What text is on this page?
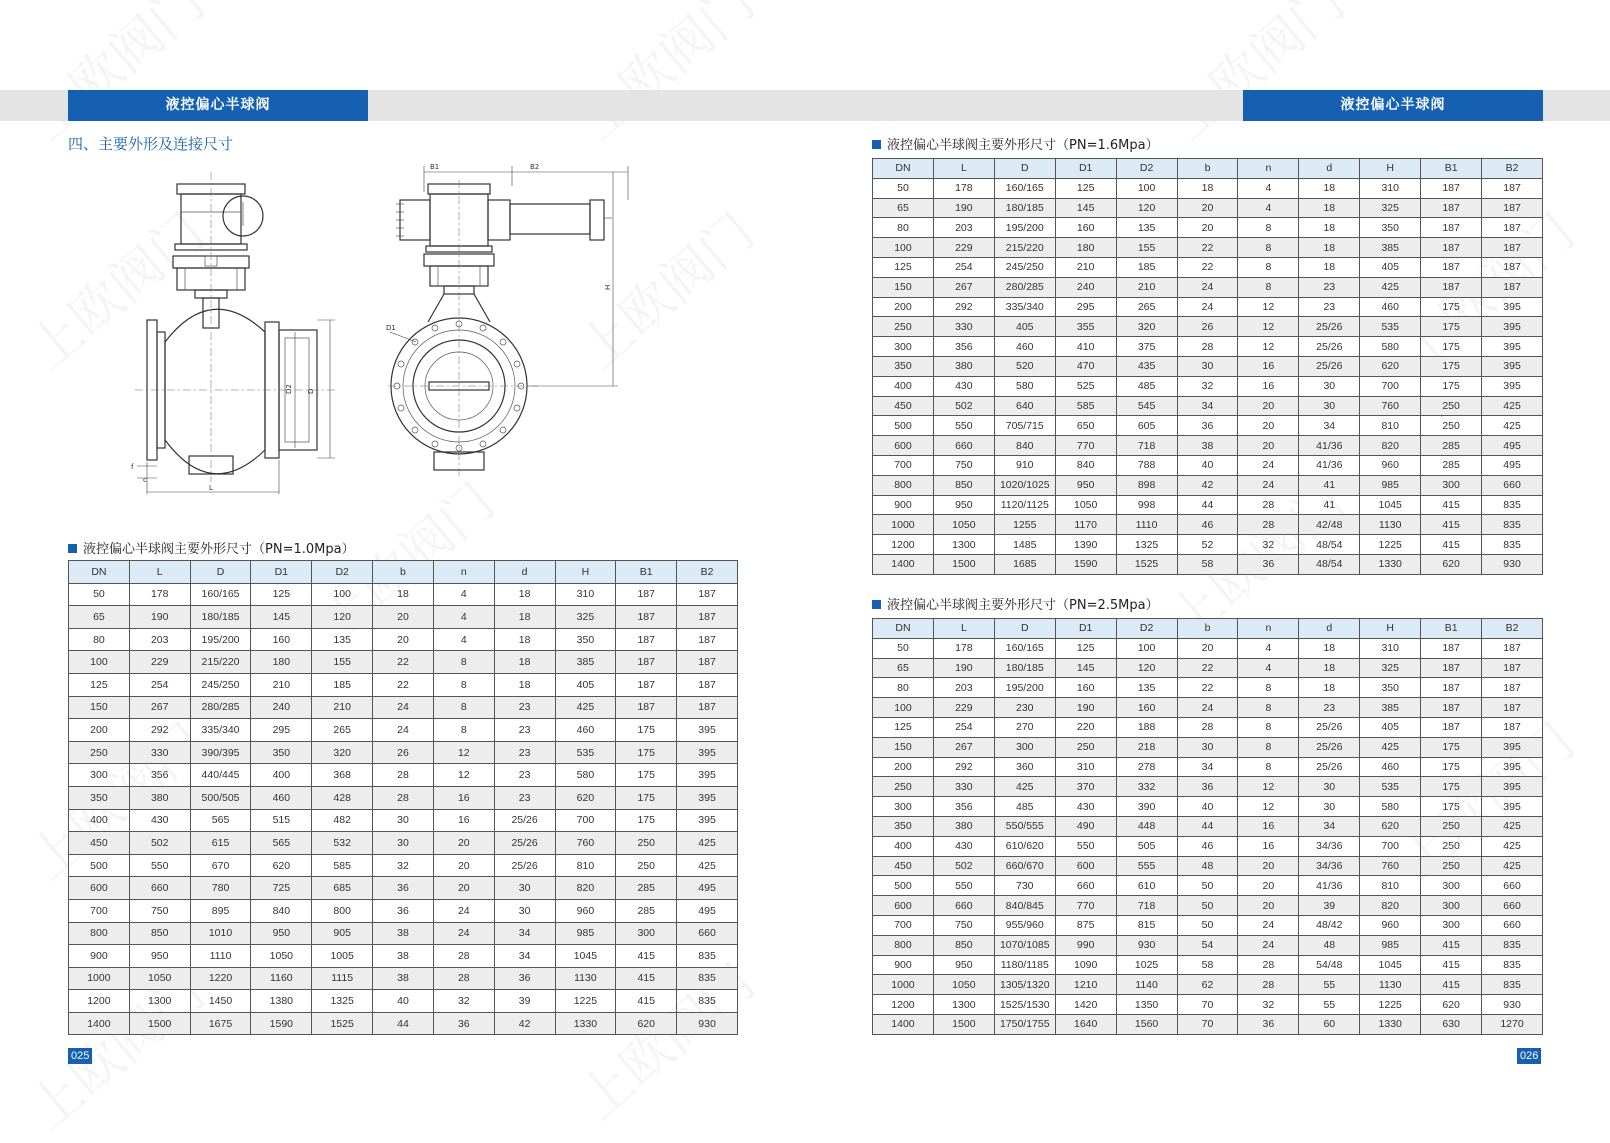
液控偏心半球阀	液控偏心半球阀
四、主要外形及连接尺寸
D2 D
f
c
L
B1	B2
H
D1
液控偏心半球阀主要外形尺寸（PN=1.0Mpa）
DN	L	D	D1	D2	b	n	d	H	B1	B2
50	178	160/165	125	100	18	4	18	310	187	187
65	190	180/185	145	120	20	4	18	325	187	187
80	203	195/200	160	135	20	4	18	350	187	187
100	229	215/220	180	155	22	8	18	385	187	187
125	254	245/250	210	185	22	8	18	405	187	187
150	267	280/285	240	210	24	8	23	425	187	187
200	292	335/340	295	265	24	8	23	460	175	395
250	330	390/395	350	320	26	12	23	535	175	395
300	356	440/445	400	368	28	12	23	580	175	395
350	380	500/505	460	428	28	16	23	620	175	395
400	430	565	515	482	30	16	25/26	700	175	395
450	502	615	565	532	30	20	25/26	760	250	425
500	550	670	620	585	32	20	25/26	810	250	425
600	660	780	725	685	36	20	30	820	285	495
700	750	895	840	800	36	24	30	960	285	495
800	850	1010	950	905	38	24	34	985	300	660
900	950	1110	1050	1005	38	28	34	1045	415	835
1000	1050	1220	1160	1115	38	28	36	1130	415	835
1200	1300	1450	1380	1325	40	32	39	1225	415	835
1400	1500	1675	1590	1525	44	36	42	1330	620	930
025
液控偏心半球阀主要外形尺寸（PN=1.6Mpa）
DN	L	D	D1	D2	b	n	d	H	B1	B2
50	178	160/165	125	100	18	4	18	310	187	187
65	190	180/185	145	120	20	4	18	325	187	187
80	203	195/200	160	135	20	8	18	350	187	187
100	229	215/220	180	155	22	8	18	385	187	187
125	254	245/250	210	185	22	8	18	405	187	187
150	267	280/285	240	210	24	8	23	425	187	187
200	292	335/340	295	265	24	12	23	460	175	395
250	330	405	355	320	26	12	25/26	535	175	395
300	356	460	410	375	28	12	25/26	580	175	395
350	380	520	470	435	30	16	25/26	620	175	395
400	430	580	525	485	32	16	30	700	175	395
450	502	640	585	545	34	20	30	760	250	425
500	550	705/715	650	605	36	20	34	810	250	425
600	660	840	770	718	38	20	41/36	820	285	495
700	750	910	840	788	40	24	41/36	960	285	495
800	850	1020/1025	950	898	42	24	41	985	300	660
900	950	1120/1125	1050	998	44	28	41	1045	415	835
1000	1050	1255	1170	1110	46	28	42/48	1130	415	835
1200	1300	1485	1390	1325	52	32	48/54	1225	415	835
1400	1500	1685	1590	1525	58	36	48/54	1330	620	930
液控偏心半球阀主要外形尺寸（PN=2.5Mpa）
DN	L	D	D1	D2	b	n	d	H	B1	B2
50	178	160/165	125	100	20	4	18	310	187	187
65	190	180/185	145	120	22	4	18	325	187	187
80	203	195/200	160	135	22	8	18	350	187	187
100	229	230	190	160	24	8	23	385	187	187
125	254	270	220	188	28	8	25/26	405	187	187
150	267	300	250	218	30	8	25/26	425	175	395
200	292	360	310	278	34	8	25/26	460	175	395
250	330	425	370	332	36	12	30	535	175	395
300	356	485	430	390	40	12	30	580	175	395
350	380	550/555	490	448	44	16	34	620	250	425
400	430	610/620	550	505	46	16	34/36	700	250	425
450	502	660/670	600	555	48	20	34/36	760	250	425
500	550	730	660	610	50	20	41/36	810	300	660
600	660	840/845	770	718	50	20	39	820	300	660
700	750	955/960	875	815	50	24	48/42	960	300	660
800	850	1070/1085	990	930	54	24	48	985	415	835
900	950	1180/1185	1090	1025	58	28	54/48	1045	415	835
1000	1050	1305/1320	1210	1140	62	28	55	1130	415	835
1200	1300	1525/1530	1420	1350	70	32	55	1225	620	930
1400	1500	1750/1755	1640	1560	70	36	60	1330	630	1270
026
